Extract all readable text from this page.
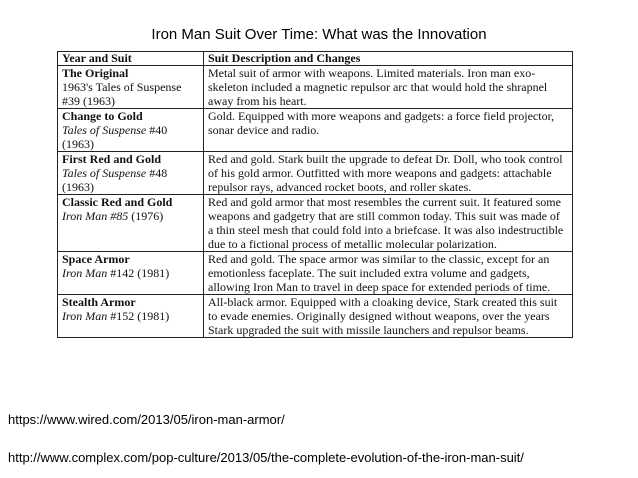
Iron Man Suit Over Time: What was the Innovation
Year and Suit	Suit Description and Changes

The Original
1963's Tales of Suspense #39 (1963)	Metal suit of armor with weapons. Limited materials. Iron man exo-skeleton included a magnetic repulsor arc that would hold the shrapnel away from his heart.

Change to Gold
Tales of Suspense #40 (1963)	Gold. Equipped with more weapons and gadgets: a force field projector, sonar device and radio.

First Red and Gold
Tales of Suspense #48 (1963)	Red and gold. Stark built the upgrade to defeat Dr. Doll, who took control of his gold armor. Outfitted with more weapons and gadgets: attachable repulsor rays, advanced rocket boots, and roller skates.

Classic Red and Gold
Iron Man #85 (1976)	Red and gold armor that most resembles the current suit. It featured some weapons and gadgetry that are still common today. This suit was made of a thin steel mesh that could fold into a briefcase. It was also indestructible due to a fictional process of metallic molecular polarization.

Space Armor
Iron Man #142 (1981)	Red and gold. The space armor was similar to the classic, except for an emotionless faceplate. The suit included extra volume and gadgets, allowing Iron Man to travel in deep space for extended periods of time.

Stealth Armor
Iron Man #152 (1981)	All-black armor. Equipped with a cloaking device, Stark created this suit to evade enemies. Originally designed without weapons, over the years Stark upgraded the suit with missile launchers and repulsor beams.
https://www.wired.com/2013/05/iron-man-armor/
http://www.complex.com/pop-culture/2013/05/the-complete-evolution-of-the-iron-man-suit/
